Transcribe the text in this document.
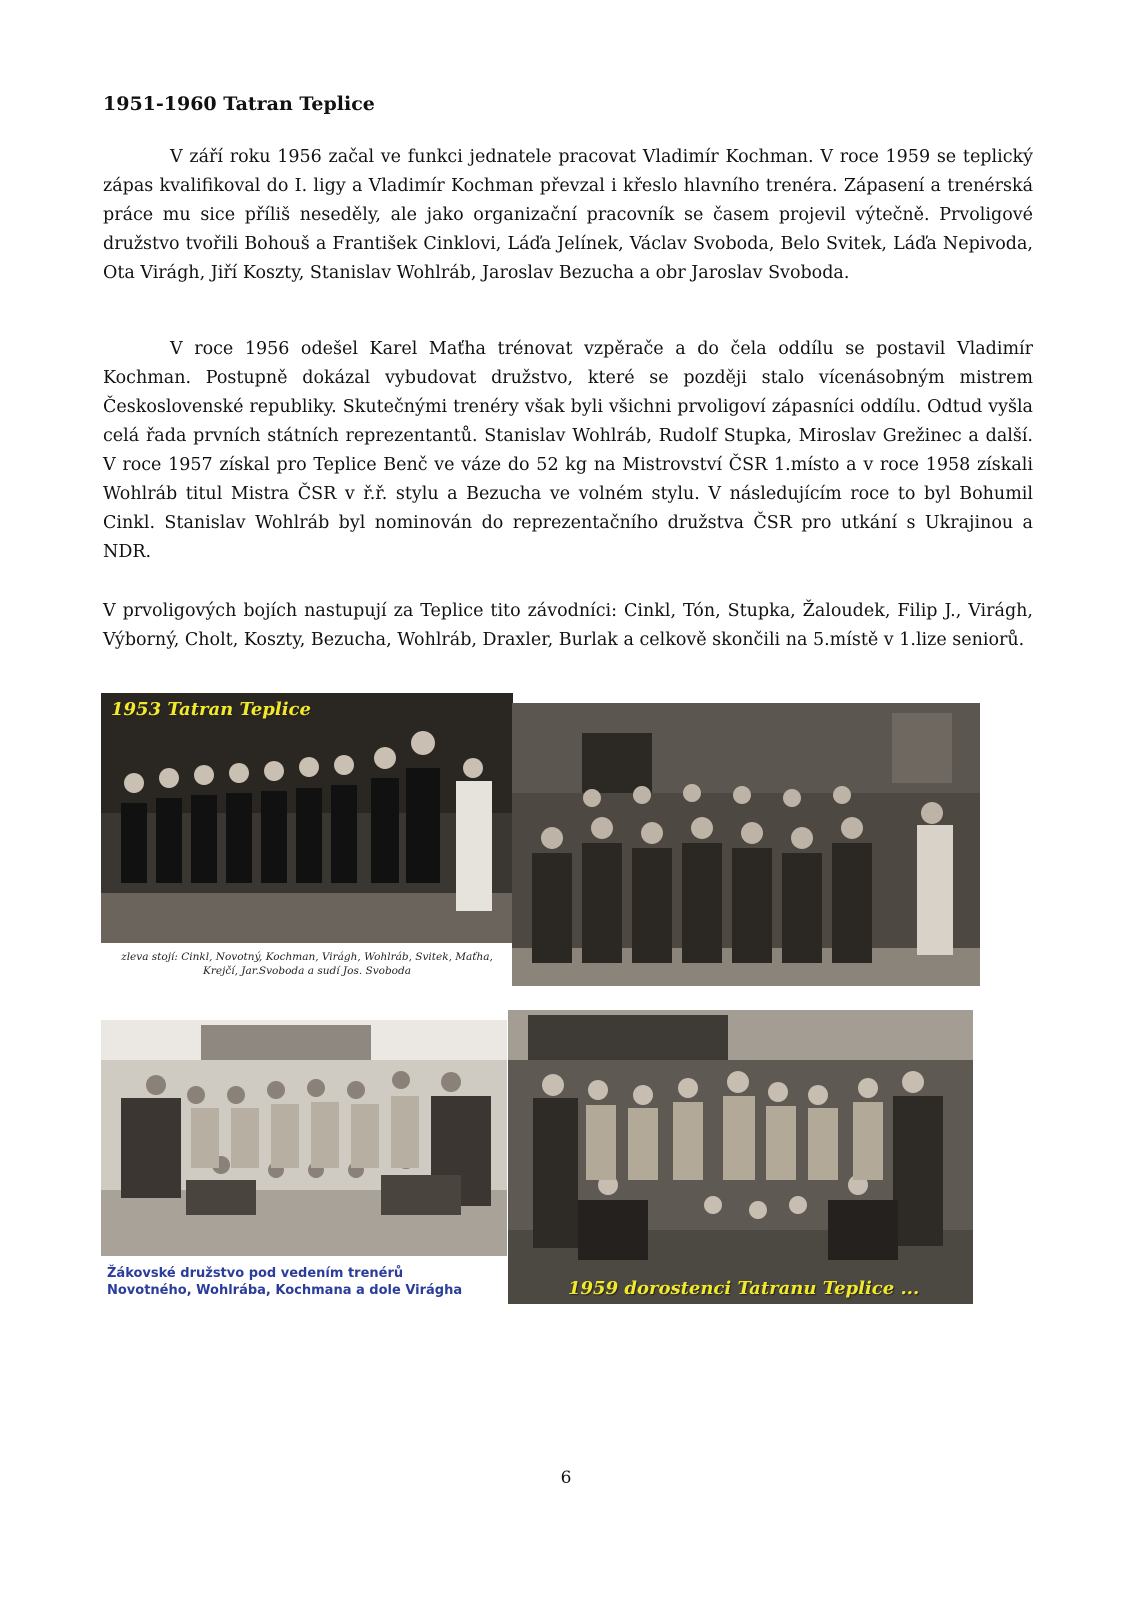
1951-1960 Tatran Teplice

V září roku 1956 začal ve funkci jednatele pracovat Vladimír Kochman. V roce 1959 se teplický zápas kvalifikoval do I. ligy a Vladimír Kochman převzal i křeslo hlavního trenéra. Zápasení a trenérská práce mu sice příliš neseděly, ale jako organizační pracovník se časem projevil výtečně. Prvoligové družstvo tvořili Bohouš a František Cinklovi, Láďa Jelínek, Václav Svoboda, Belo Svitek, Láďa Nepivoda, Ota Virágh, Jiří Koszty, Stanislav Wohlráb, Jaroslav Bezucha a obr Jaroslav Svoboda.

V roce 1956 odešel Karel Maťha trénovat vzpěrače a do čela oddílu se postavil Vladimír Kochman. Postupně dokázal vybudovat družstvo, které se později stalo vícenásobným mistrem Československé republiky. Skutečnými trenéry však byli všichni prvoligoví zápasníci oddílu. Odtud vyšla celá řada prvních státních reprezentantů. Stanislav Wohlráb, Rudolf Stupka, Miroslav Grežinec a další. V roce 1957 získal pro Teplice Benč ve váze do 52 kg na Mistrovství ČSR 1.místo a v roce 1958 získali Wohlráb titul Mistra ČSR v ř.ř. stylu a Bezucha ve volném stylu. V následujícím roce to byl Bohumil Cinkl. Stanislav Wohlráb byl nominován do reprezentačního družstva ČSR pro utkání s Ukrajinou a NDR.

V prvoligových bojích nastupují za Teplice tito závodníci: Cinkl, Tón, Stupka, Žaloudek, Filip J., Virágh, Výborný, Cholt, Koszty, Bezucha, Wohlráb, Draxler, Burlak a celkově skončili na 5.místě v 1.lize seniorů.

1953 Tatran Teplice
zleva stojí: Cinkl, Novotný, Kochman, Virágh, Wohlráb, Svitek, Maťha,
Krejčí, Jar.Svoboda a sudí Jos. Svoboda
Žákovské družstvo pod vedením trenérů
Novotného, Wohlrába, Kochmana a dole Virágha	1959 dorostenci Tatranu Teplice ...
6
